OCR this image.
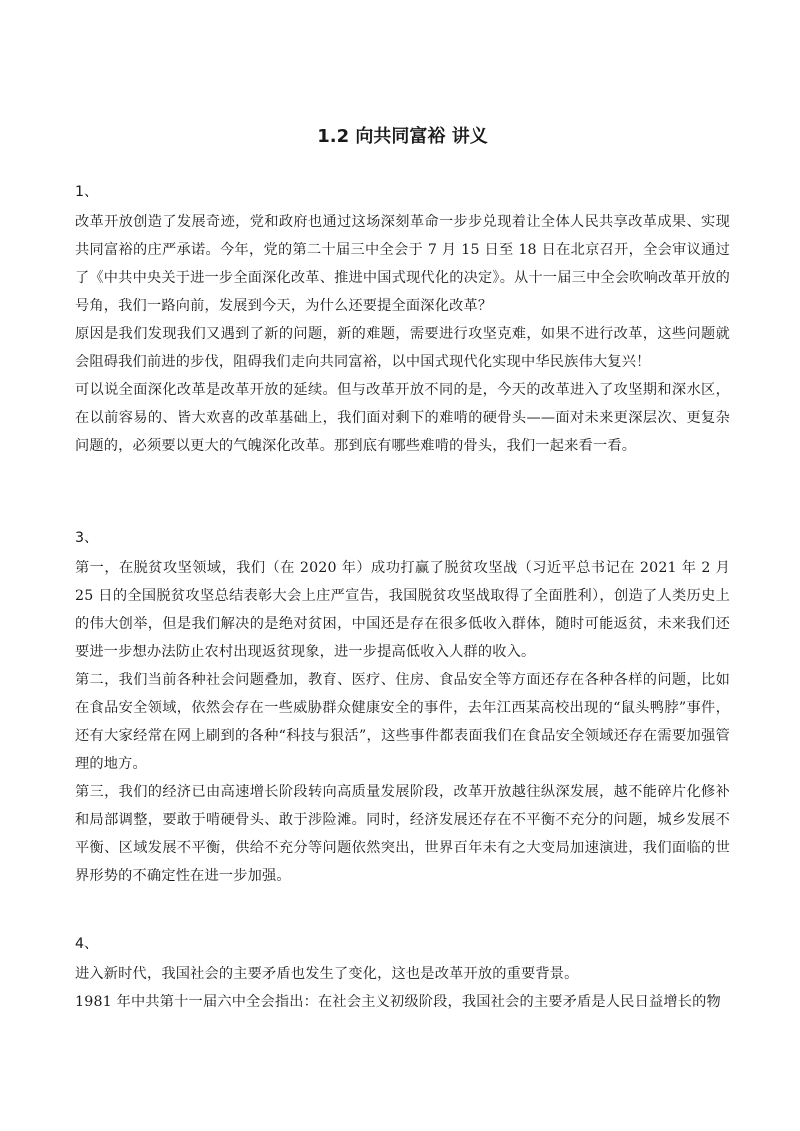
1.2 向共同富裕 讲义

1、

改革开放创造了发展奇迹，党和政府也通过这场深刻革命一步步兑现着让全体人民共享改革成果、实现共同富裕的庄严承诺。今年，党的第二十届三中全会于 7 月 15 日至 18 日在北京召开，全会审议通过了《中共中央关于进一步全面深化改革、推进中国式现代化的决定》。从十一届三中全会吹响改革开放的号角，我们一路向前，发展到今天，为什么还要提全面深化改革？

原因是我们发现我们又遇到了新的问题，新的难题，需要进行攻坚克难，如果不进行改革，这些问题就会阻碍我们前进的步伐，阻碍我们走向共同富裕，以中国式现代化实现中华民族伟大复兴！

可以说全面深化改革是改革开放的延续。但与改革开放不同的是，今天的改革进入了攻坚期和深水区，在以前容易的、皆大欢喜的改革基础上，我们面对剩下的难啃的硬骨头——面对未来更深层次、更复杂问题的，必须要以更大的气魄深化改革。那到底有哪些难啃的骨头，我们一起来看一看。

3、

第一，在脱贫攻坚领域，我们（在 2020 年）成功打赢了脱贫攻坚战（习近平总书记在 2021 年 2 月 25 日的全国脱贫攻坚总结表彰大会上庄严宣告，我国脱贫攻坚战取得了全面胜利），创造了人类历史上的伟大创举，但是我们解决的是绝对贫困，中国还是存在很多低收入群体，随时可能返贫，未来我们还要进一步想办法防止农村出现返贫现象，进一步提高低收入人群的收入。

第二，我们当前各种社会问题叠加，教育、医疗、住房、食品安全等方面还存在各种各样的问题，比如在食品安全领域，依然会存在一些威胁群众健康安全的事件，去年江西某高校出现的“鼠头鸭脖”事件，还有大家经常在网上刷到的各种“科技与狠活”，这些事件都表面我们在食品安全领域还存在需要加强管理的地方。

第三，我们的经济已由高速增长阶段转向高质量发展阶段，改革开放越往纵深发展，越不能碎片化修补和局部调整，要敢于啃硬骨头、敢于涉险滩。同时，经济发展还存在不平衡不充分的问题，城乡发展不平衡、区域发展不平衡，供给不充分等问题依然突出，世界百年未有之大变局加速演进，我们面临的世界形势的不确定性在进一步加强。

4、

进入新时代，我国社会的主要矛盾也发生了变化，这也是改革开放的重要背景。

1981 年中共第十一届六中全会指出：在社会主义初级阶段，我国社会的主要矛盾是人民日益增长的物
